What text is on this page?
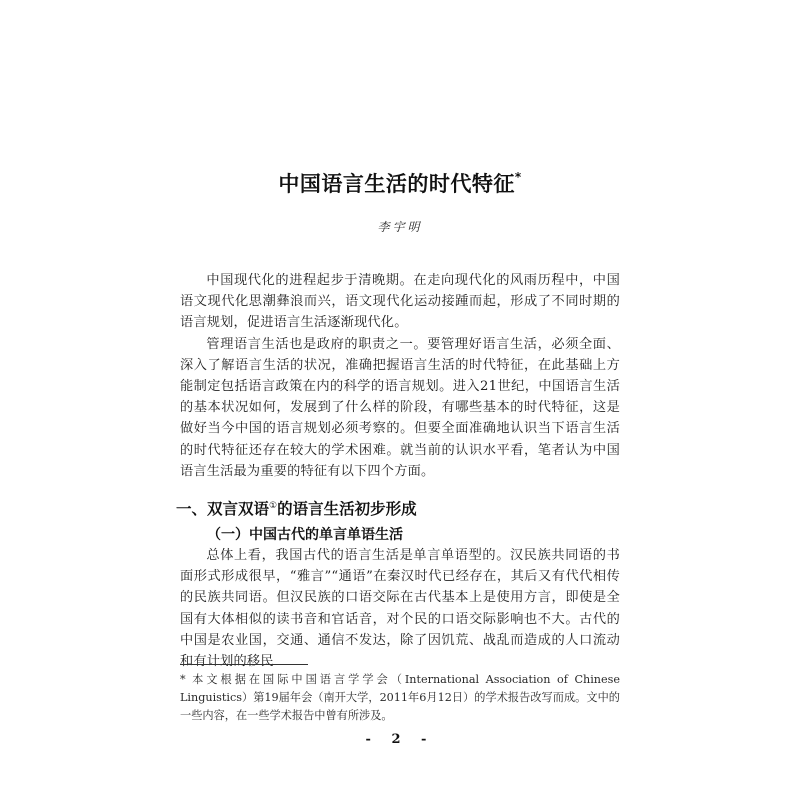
中国语言生活的时代特征*
李宇明

中国现代化的进程起步于清晚期。在走向现代化的风雨历程中，中国语文现代化思潮彝浪而兴，语文现代化运动接踵而起，形成了不同时期的语言规划，促进语言生活逐渐现代化。

管理语言生活也是政府的职责之一。要管理好语言生活，必须全面、深入了解语言生活的状况，准确把握语言生活的时代特征，在此基础上方能制定包括语言政策在内的科学的语言规划。进入21世纪，中国语言生活的基本状况如何，发展到了什么样的阶段，有哪些基本的时代特征，这是做好当今中国的语言规划必须考察的。但要全面准确地认识当下语言生活的时代特征还存在较大的学术困难。就当前的认识水平看，笔者认为中国语言生活最为重要的特征有以下四个方面。

一、双言双语①的语言生活初步形成
（一）中国古代的单言单语生活

总体上看，我国古代的语言生活是单言单语型的。汉民族共同语的书面形式形成很早，“雅言”“通语”在秦汉时代已经存在，其后又有代代相传的民族共同语。但汉民族的口语交际在古代基本上是使用方言，即使是全国有大体相似的读书音和官话音，对个民的口语交际影响也不大。古代的中国是农业国，交通、通信不发达，除了因饥荒、战乱而造成的人口流动和有计划的移民

* 本文根据在国际中国语言学学会（International Association of Chinese Linguistics）第19届年会（南开大学，2011年6月12日）的学术报告改写而成。文中的一些内容，在一些学术报告中曾有所涉及。

- 2 -
